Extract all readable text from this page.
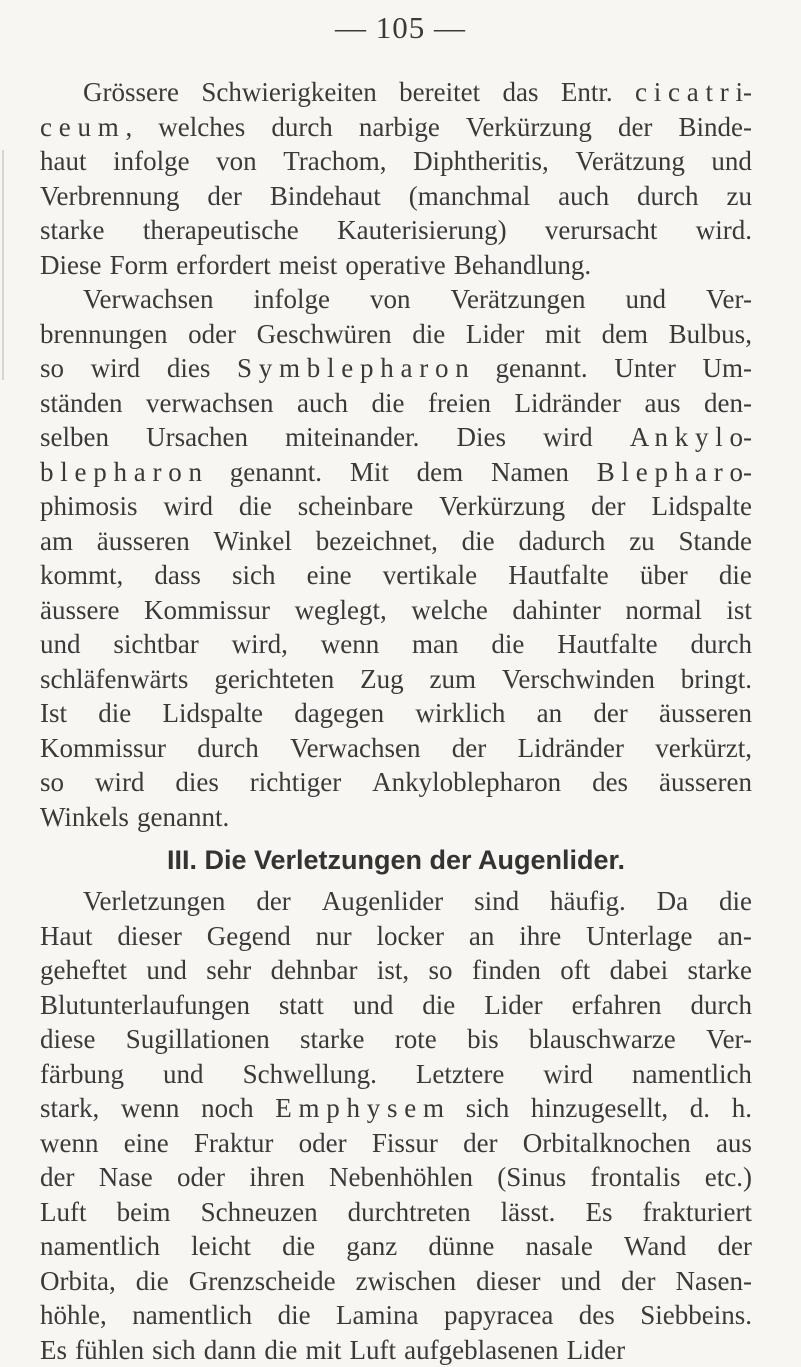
— 105 —
Grössere Schwierigkeiten bereitet das Entr. c i c a t r i-
c e u m , welches durch narbige Verkürzung der Binde-
haut infolge von Trachom, Diphtheritis, Verätzung und
Verbrennung der Bindehaut (manchmal auch durch zu
starke therapeutische Kauterisierung) verursacht wird.
Diese Form erfordert meist operative Behandlung.
Verwachsen infolge von Verätzungen und Ver-
brennungen oder Geschwüren die Lider mit dem Bulbus,
so wird dies S y m b l e p h a r o n genannt. Unter Um-
ständen verwachsen auch die freien Lidränder aus den-
selben Ursachen miteinander. Dies wird A n k y l o-
b l e p h a r o n genannt. Mit dem Namen B l e p h a r o-
phimosis wird die scheinbare Verkürzung der Lidspalte
am äusseren Winkel bezeichnet, die dadurch zu Stande
kommt, dass sich eine vertikale Hautfalte über die
äussere Kommissur weglegt, welche dahinter normal ist
und sichtbar wird, wenn man die Hautfalte durch
schläfenwärts gerichteten Zug zum Verschwinden bringt.
Ist die Lidspalte dagegen wirklich an der äusseren
Kommissur durch Verwachsen der Lidränder verkürzt,
so wird dies richtiger Ankyloblepharon des äusseren
Winkels genannt.
III. Die Verletzungen der Augenlider.
Verletzungen der Augenlider sind häufig. Da die
Haut dieser Gegend nur locker an ihre Unterlage an-
geheftet und sehr dehnbar ist, so finden oft dabei starke
Blutunterlaufungen statt und die Lider erfahren durch
diese Sugillationen starke rote bis blauschwarze Ver-
färbung und Schwellung. Letztere wird namentlich
stark, wenn noch E m p h y s e m sich hinzugesellt, d. h.
wenn eine Fraktur oder Fissur der Orbitalknochen aus
der Nase oder ihren Nebenhöhlen (Sinus frontalis etc.)
Luft beim Schneuzen durchtreten lässt. Es frakturiert
namentlich leicht die ganz dünne nasale Wand der
Orbita, die Grenzscheide zwischen dieser und der Nasen-
höhle, namentlich die Lamina papyracea des Siebbeins.
Es fühlen sich dann die mit Luft aufgeblasenen Lider
